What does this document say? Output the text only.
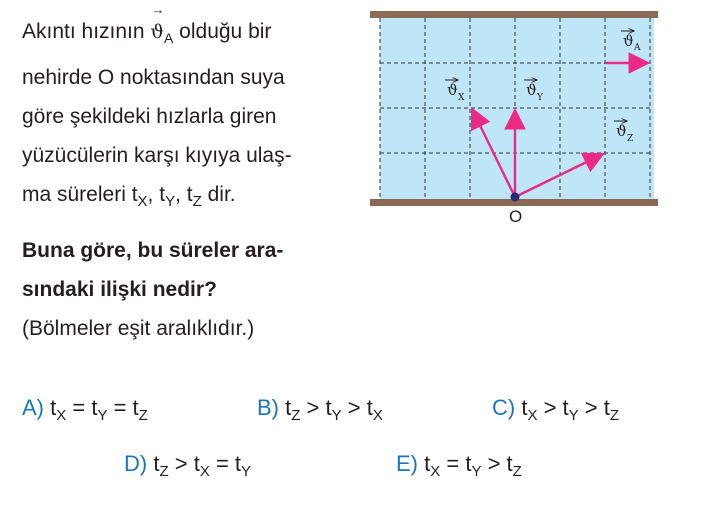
Akıntı hızının
→
$ϑ_A$ olduğu bir

nehirde O noktasından suya

göre şekildeki hızlarla giren

yüzücülerin karşı kıyıya ulaş-

ma süreleri $t_X$, $t_Y$, $t_Z$ dir.

Buna göre, bu süreler ara-

sındaki ilişki nedir?

(Bölmeler eşit aralıklıdır.)

ϑ A
ϑ X	ϑ Y
ϑ Z
O
A) $t_X = t_Y = t_Z$	B) $t_Z > t_Y > t_X$	C) $t_X > t_Y > t_Z$
D) $t_Z > t_X = t_Y$	E) $t_X = t_Y > t_Z$
